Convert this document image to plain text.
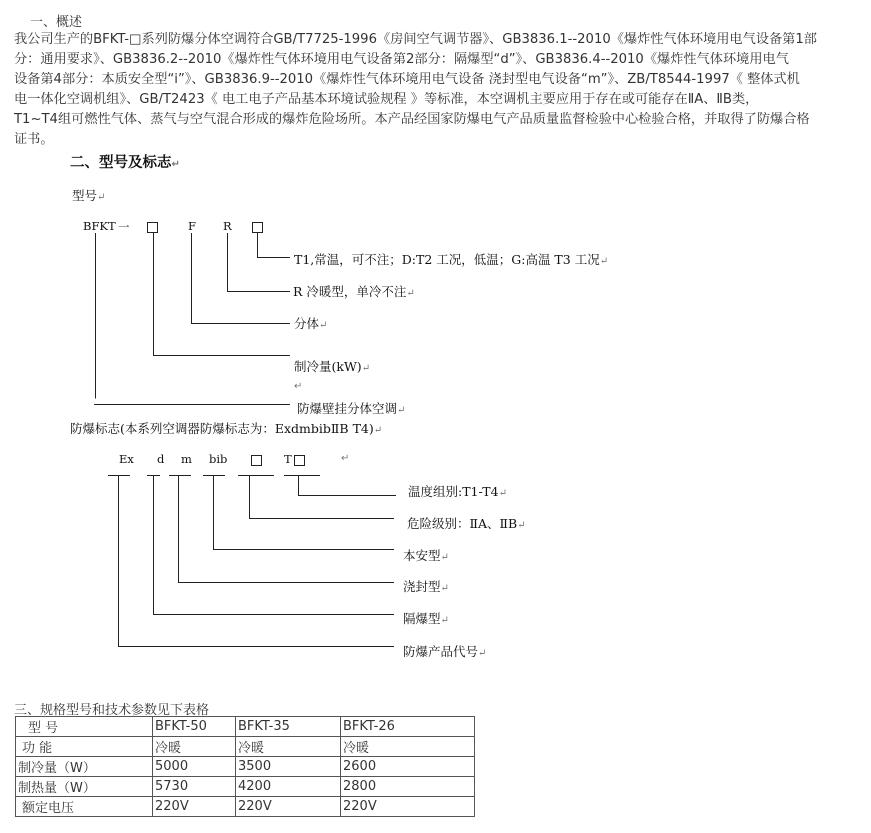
一、概述

我公司生产的BFKT-□系列防爆分体空调符合GB/T7725-1996《房间空气调节器》、GB3836.1--2010《爆炸性气体环境用电气设备第1部

分：通用要求》、GB3836.2--2010《爆炸性气体环境用电气设备第2部分：隔爆型“d”》、GB3836.4--2010《爆炸性气体环境用电气

设备第4部分：本质安全型“i”》、GB3836.9--2010《爆炸性气体环境用电气设备 浇封型电气设备“m”》、ZB/T8544-1997《 整体式机

电一体化空调机组》、GB/T2423《 电工电子产品基本环境试验规程 》等标准，本空调机主要应用于存在或可能存在ⅡA、ⅡB类，

T1~T4组可燃性气体、蒸气与空气混合形成的爆炸危险场所。本产品经国家防爆电气产品质量监督检验中心检验合格，并取得了防爆合格

证书。

二、型号及标志↵
型号↵
BFKT 一	F R
T1,常温，可不注；D:T2 工况，低温；G:高温 T3 工况↵
R 冷暖型，单冷不注↵
分体↵
制冷量(kW)↵
↵
防爆壁挂分体空调↵
防爆标志(本系列空调器防爆标志为：ExdmbibⅡB T4)↵
Ex d m bib	T	↵
温度组别:T1-T4↵
危险级别：ⅡA、ⅡB↵
本安型↵
浇封型↵
隔爆型↵
防爆产品代号↵
三、规格型号和技术参数见下表格
型 号	BFKT-50	BFKT-35	BFKT-26
功 能	冷暖	冷暖	冷暖
制冷量（W）	5000	3500	2600
制热量（W）	5730	4200	2800
额定电压	220V	220V	220V
